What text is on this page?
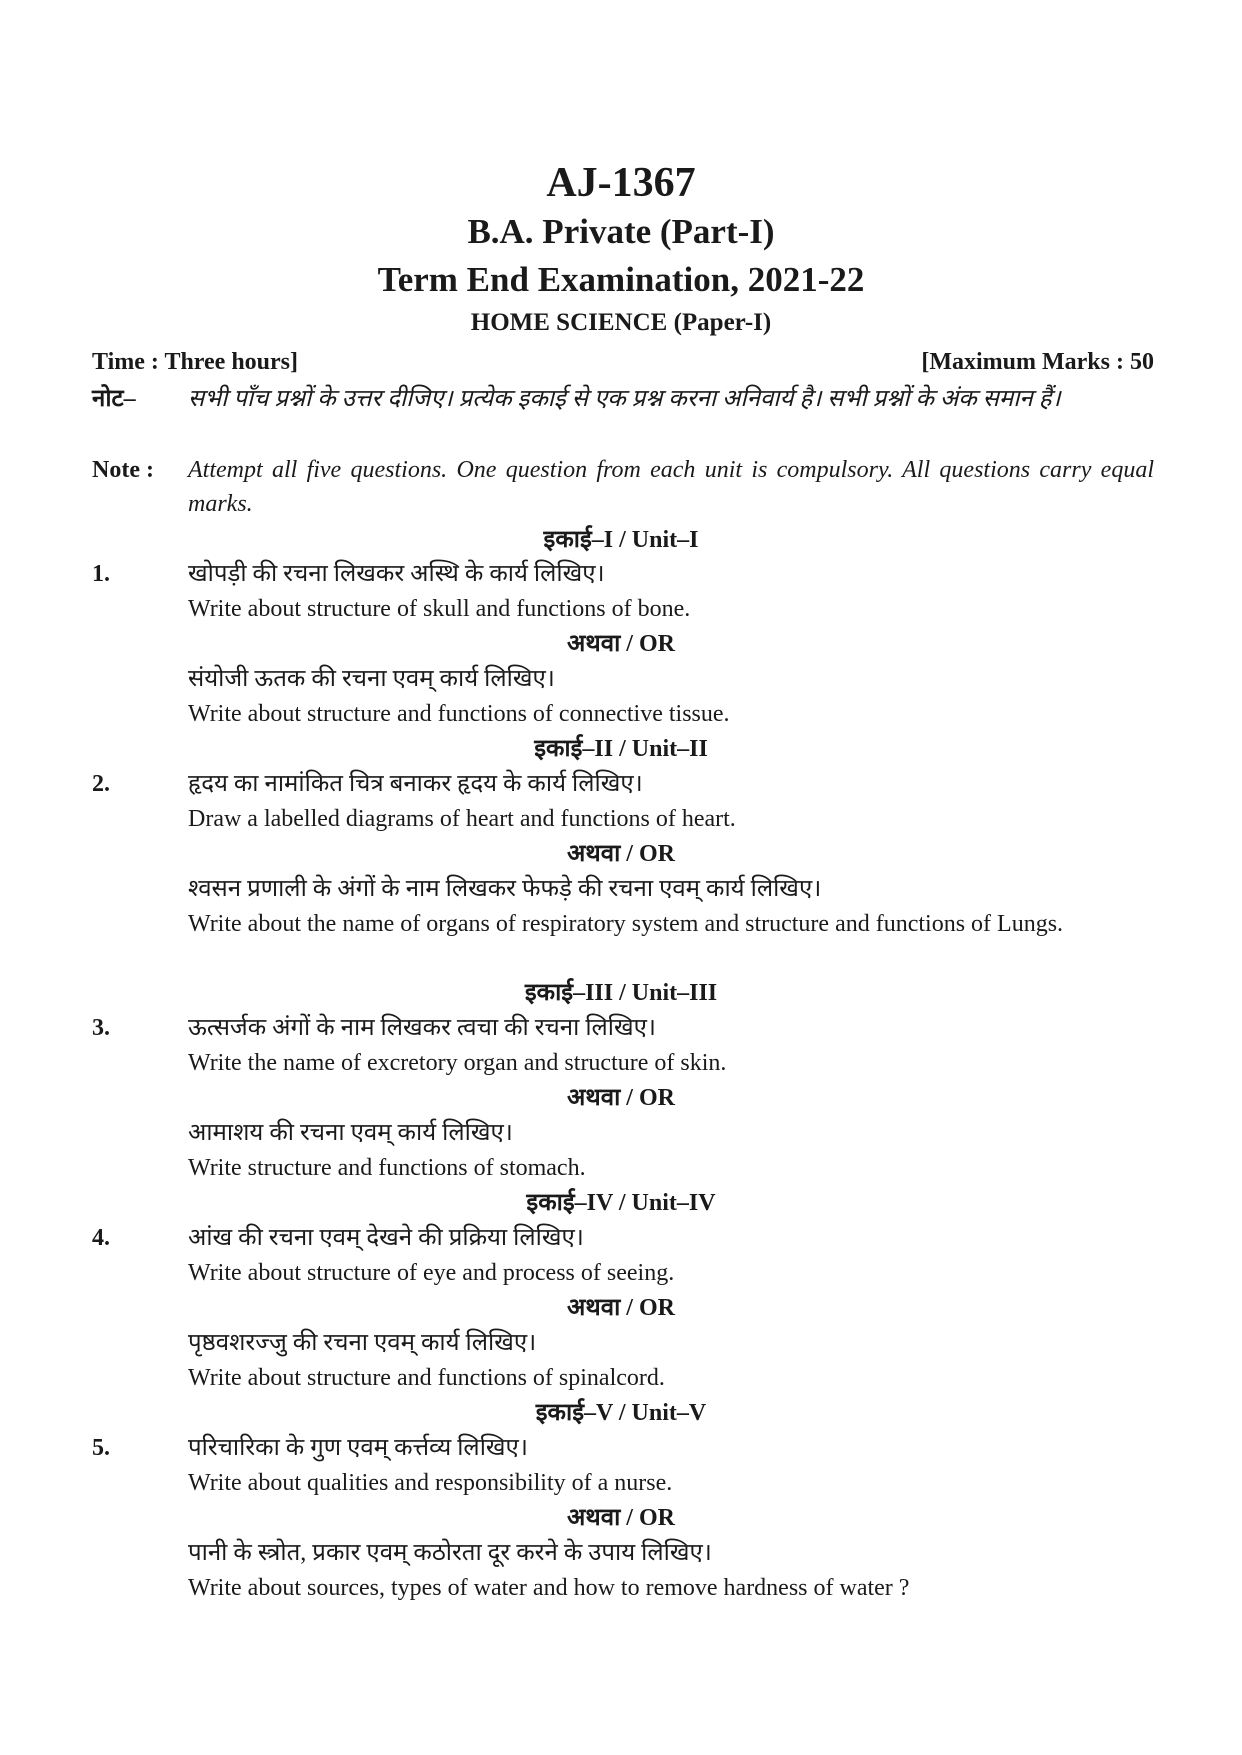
AJ-1367
B.A. Private (Part-I)
Term End Examination, 2021-22
HOME SCIENCE (Paper-I)
Time : Three hours]	[Maximum Marks : 50
नोट– सभी पाँच प्रश्नों के उत्तर दीजिए। प्रत्येक इकाई से एक प्रश्न करना अनिवार्य है। सभी प्रश्नों के अंक समान हैं।
Note : Attempt all five questions. One question from each unit is compulsory. All questions carry equal marks.
इकाई–I / Unit–I
1.	खोपड़ी की रचना लिखकर अस्थि के कार्य लिखिए।
Write about structure of skull and functions of bone.
अथवा / OR
संयोजी ऊतक की रचना एवम् कार्य लिखिए।
Write about structure and functions of connective tissue.
इकाई–II / Unit–II
2.	हृदय का नामांकित चित्र बनाकर हृदय के कार्य लिखिए।
Draw a labelled diagrams of heart and functions of heart.
अथवा / OR
श्वसन प्रणाली के अंगों के नाम लिखकर फेफड़े की रचना एवम् कार्य लिखिए।
Write about the name of organs of respiratory system and structure and functions of Lungs.
इकाई–III / Unit–III
3.	ऊत्सर्जक अंगों के नाम लिखकर त्वचा की रचना लिखिए।
Write the name of excretory organ and structure of skin.
अथवा / OR
आमाशय की रचना एवम् कार्य लिखिए।
Write structure and functions of stomach.
इकाई–IV / Unit–IV
4.	आंख की रचना एवम् देखने की प्रक्रिया लिखिए।
Write about structure of eye and process of seeing.
अथवा / OR
पृष्ठवशरज्जु की रचना एवम् कार्य लिखिए।
Write about structure and functions of spinalcord.
इकाई–V / Unit–V
5.	परिचारिका के गुण एवम् कर्त्तव्य लिखिए।
Write about qualities and responsibility of a nurse.
अथवा / OR
पानी के स्त्रोत, प्रकार एवम् कठोरता दूर करने के उपाय लिखिए।
Write about sources, types of water and how to remove hardness of water ?
